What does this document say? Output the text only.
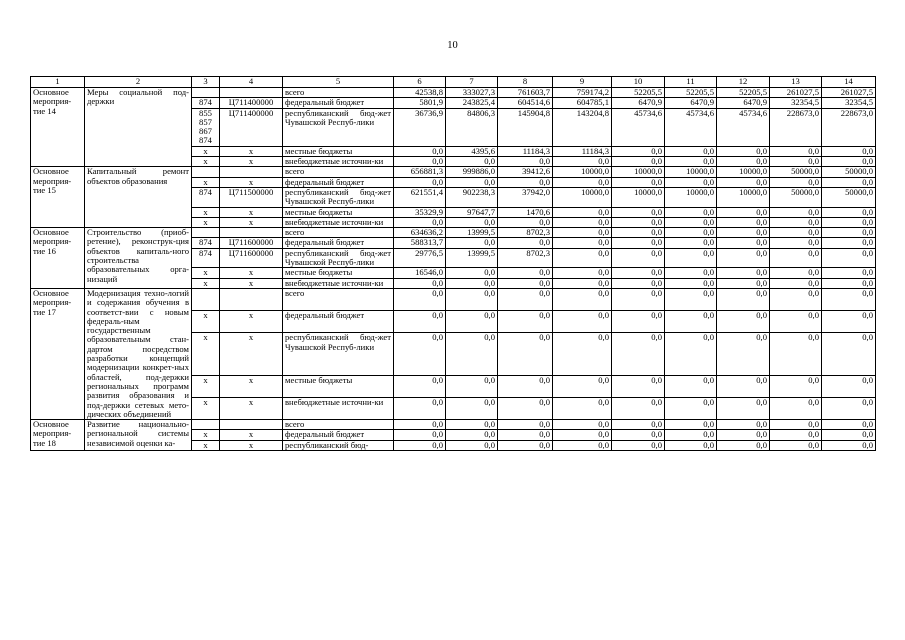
10
1	2	3	4	5	6	7	8	9	10	11	12	13	14
Основное мероприя-тие 14	Меры социальной под-держки			всего	42538,8	333027,3	761603,7	759174,2	52205,5	52205,5	52205,5	261027,5	261027,5

		874	Ц711400000	федеральный бюджет	5801,9	243825,4	604514,6	604785,1	6470,9	6470,9	6470,9	32354,5	32354,5

		855
857
867
874	Ц711400000	республиканский бюд-жет Чувашской Респуб-лики	36736,9	84806,3	145904,8	143204,8	45734,6	45734,6	45734,6	228673,0	228673,0

		x	x	местные бюджеты	0,0	4395,6	11184,3	11184,3	0,0	0,0	0,0	0,0	0,0

		x	x	внебюджетные источни-ки	0,0	0,0	0,0	0,0	0,0	0,0	0,0	0,0	0,0
Основное мероприя-тие 15	Капитальный ремонт объектов образования			всего	656881,3	999886,0	39412,6	10000,0	10000,0	10000,0	10000,0	50000,0	50000,0

		x	x	федеральный бюджет	0,0	0,0	0,0	0,0	0,0	0,0	0,0	0,0	0,0

		874	Ц711500000	республиканский бюд-жет Чувашской Респуб-лики	621551,4	902238,3	37942,0	10000,0	10000,0	10000,0	10000,0	50000,0	50000,0

		x	x	местные бюджеты	35329,9	97647,7	1470,6	0,0	0,0	0,0	0,0	0,0	0,0

		x	x	внебюджетные источни-ки	0,0	0,0	0,0	0,0	0,0	0,0	0,0	0,0	0,0
Основное мероприя-тие 16	Строительство (приоб-ретение), реконструк-ция объектов капиталь-ного строительства образовательных орга-низаций			всего	634636,2	13999,5	8702,3	0,0	0,0	0,0	0,0	0,0	0,0

		874	Ц711600000	федеральный бюджет	588313,7	0,0	0,0	0,0	0,0	0,0	0,0	0,0	0,0

		874	Ц711600000	республиканский бюд-жет Чувашской Респуб-лики	29776,5	13999,5	8702,3	0,0	0,0	0,0	0,0	0,0	0,0

		x	x	местные бюджеты	16546,0	0,0	0,0	0,0	0,0	0,0	0,0	0,0	0,0

		x	x	внебюджетные источни-ки	0,0	0,0	0,0	0,0	0,0	0,0	0,0	0,0	0,0
Основное мероприя-тие 17	Модернизация техно-логий и содержания обучения в соответст-вии с новым федераль-ным государственным образовательным стан-дартом посредством разработки концепций модернизации конкрет-ных областей, под-держки региональных программ развития образования и под-держки сетевых мето-дических объединений			всего	0,0	0,0	0,0	0,0	0,0	0,0	0,0	0,0	0,0

		x	x	федеральный бюджет	0,0	0,0	0,0	0,0	0,0	0,0	0,0	0,0	0,0

		x	x	республиканский бюд-жет Чувашской Респуб-лики	0,0	0,0	0,0	0,0	0,0	0,0	0,0	0,0	0,0

		x	x	местные бюджеты	0,0	0,0	0,0	0,0	0,0	0,0	0,0	0,0	0,0

		x	x	внебюджетные источни-ки	0,0	0,0	0,0	0,0	0,0	0,0	0,0	0,0	0,0
Основное мероприя-тие 18	Развитие национально-региональной системы независимой оценки ка-			всего	0,0	0,0	0,0	0,0	0,0	0,0	0,0	0,0	0,0

		x	x	федеральный бюджет	0,0	0,0	0,0	0,0	0,0	0,0	0,0	0,0	0,0

		x	x	республиканский бюд-	0,0	0,0	0,0	0,0	0,0	0,0	0,0	0,0	0,0
